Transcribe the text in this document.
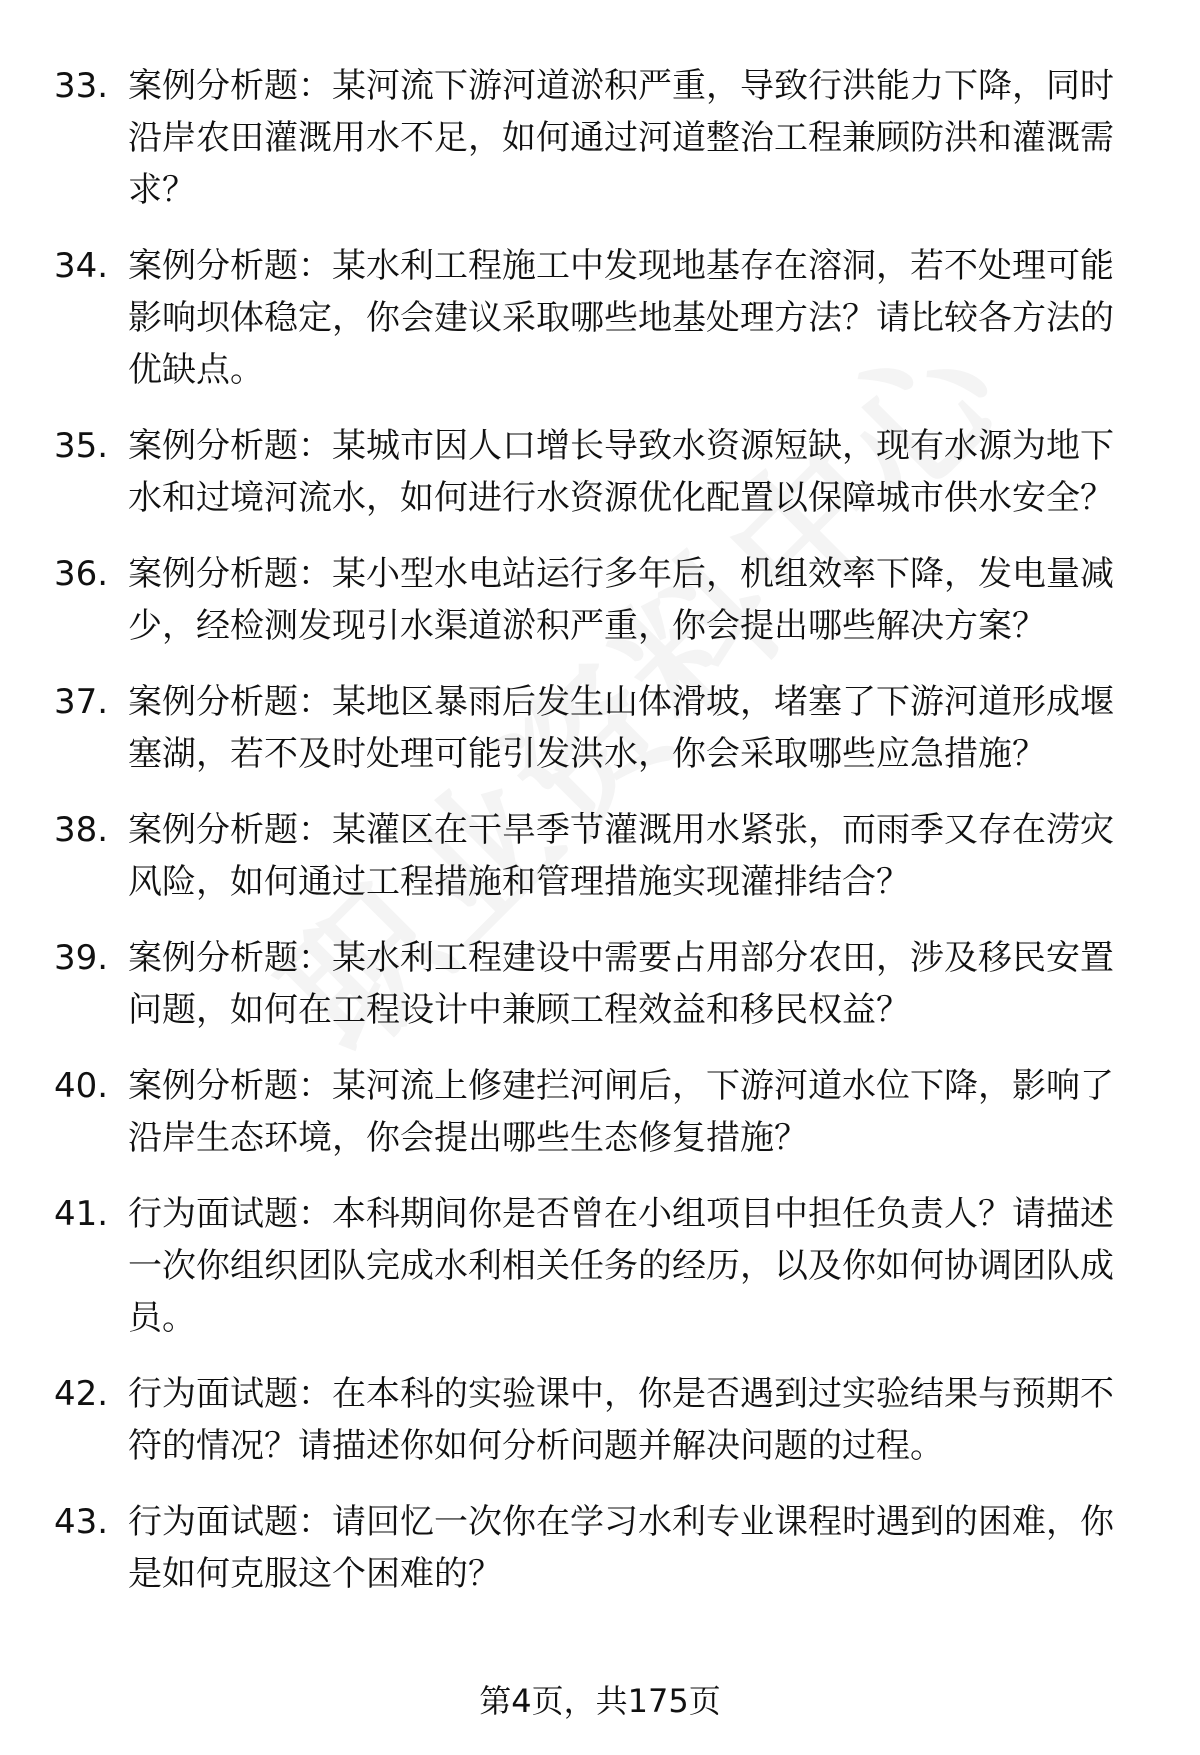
33. 案例分析题：某河流下游河道淤积严重，导致行洪能力下降，同时沿岸农田灌溉用水不足，如何通过河道整治工程兼顾防洪和灌溉需求？
34. 案例分析题：某水利工程施工中发现地基存在溶洞，若不处理可能影响坝体稳定，你会建议采取哪些地基处理方法？请比较各方法的优缺点。
35. 案例分析题：某城市因人口增长导致水资源短缺，现有水源为地下水和过境河流水，如何进行水资源优化配置以保障城市供水安全？
36. 案例分析题：某小型水电站运行多年后，机组效率下降，发电量减少，经检测发现引水渠道淤积严重，你会提出哪些解决方案？
37. 案例分析题：某地区暴雨后发生山体滑坡，堵塞了下游河道形成堰塞湖，若不及时处理可能引发洪水，你会采取哪些应急措施？
38. 案例分析题：某灌区在干旱季节灌溉用水紧张，而雨季又存在涝灾风险，如何通过工程措施和管理措施实现灌排结合？
39. 案例分析题：某水利工程建设中需要占用部分农田，涉及移民安置问题，如何在工程设计中兼顾工程效益和移民权益？
40. 案例分析题：某河流上修建拦河闸后，下游河道水位下降，影响了沿岸生态环境，你会提出哪些生态修复措施？
41. 行为面试题：本科期间你是否曾在小组项目中担任负责人？请描述一次你组织团队完成水利相关任务的经历，以及你如何协调团队成员。
42. 行为面试题：在本科的实验课中，你是否遇到过实验结果与预期不符的情况？请描述你如何分析问题并解决问题的过程。
43. 行为面试题：请回忆一次你在学习水利专业课程时遇到的困难，你是如何克服这个困难的？
第4页，共175页
